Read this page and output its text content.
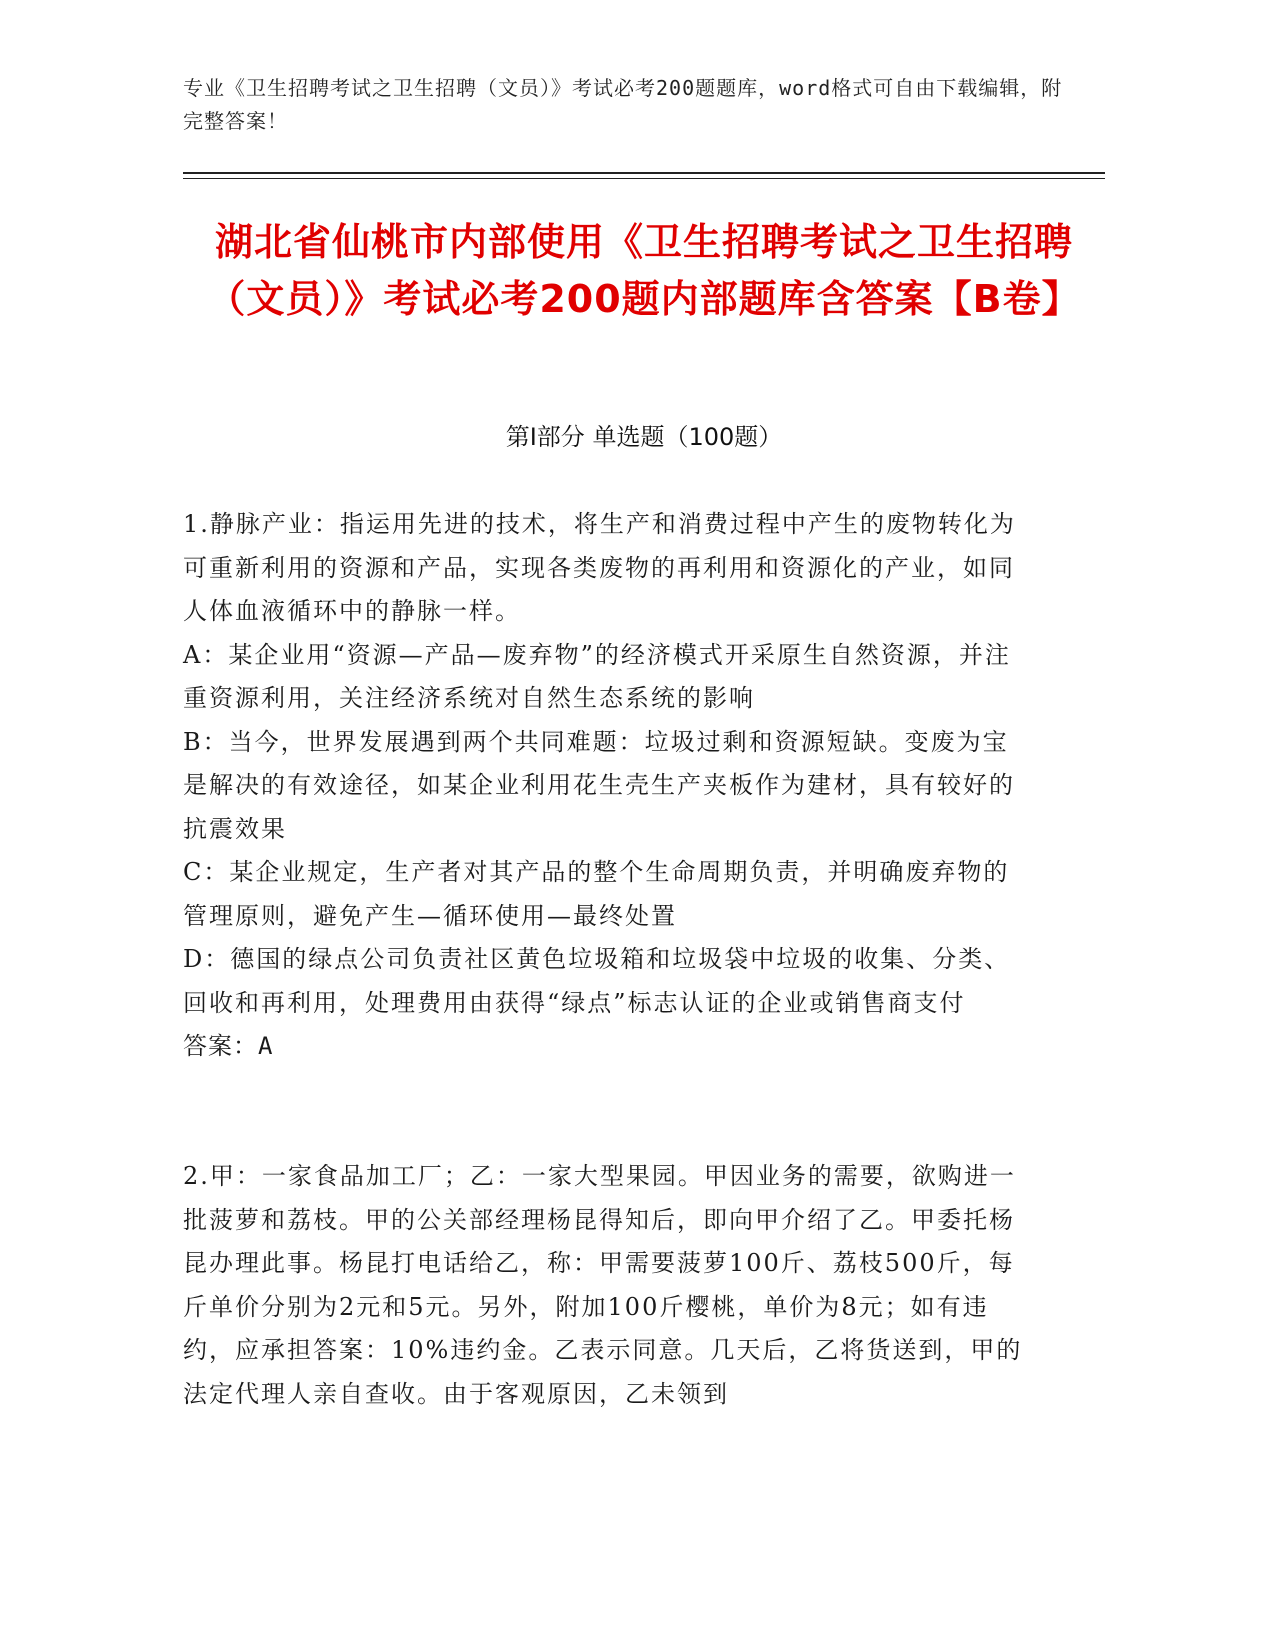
专业《卫生招聘考试之卫生招聘（文员）》考试必考200题题库，word格式可自由下载编辑，附完整答案！
湖北省仙桃市内部使用《卫生招聘考试之卫生招聘（文员）》考试必考200题内部题库含答案【B卷】
第Ⅰ部分 单选题（100题）
1.静脉产业：指运用先进的技术，将生产和消费过程中产生的废物转化为可重新利用的资源和产品，实现各类废物的再利用和资源化的产业，如同人体血液循环中的静脉一样。
A：某企业用“资源—产品—废弃物”的经济模式开采原生自然资源，并注重资源利用，关注经济系统对自然生态系统的影响
B：当今，世界发展遇到两个共同难题：垃圾过剩和资源短缺。变废为宝是解决的有效途径，如某企业利用花生壳生产夹板作为建材，具有较好的抗震效果
C：某企业规定，生产者对其产品的整个生命周期负责，并明确废弃物的管理原则，避免产生—循环使用—最终处置
D：德国的绿点公司负责社区黄色垃圾箱和垃圾袋中垃圾的收集、分类、回收和再利用，处理费用由获得“绿点”标志认证的企业或销售商支付
答案：A
2.甲：一家食品加工厂；乙：一家大型果园。甲因业务的需要，欲购进一批菠萝和荔枝。甲的公关部经理杨昆得知后，即向甲介绍了乙。甲委托杨昆办理此事。杨昆打电话给乙，称：甲需要菠萝100斤、荔枝500斤，每斤单价分别为2元和5元。另外，附加100斤樱桃，单价为8元；如有违约，应承担答案：10%违约金。乙表示同意。几天后，乙将货送到，甲的法定代理人亲自查收。由于客观原因，乙未领到
